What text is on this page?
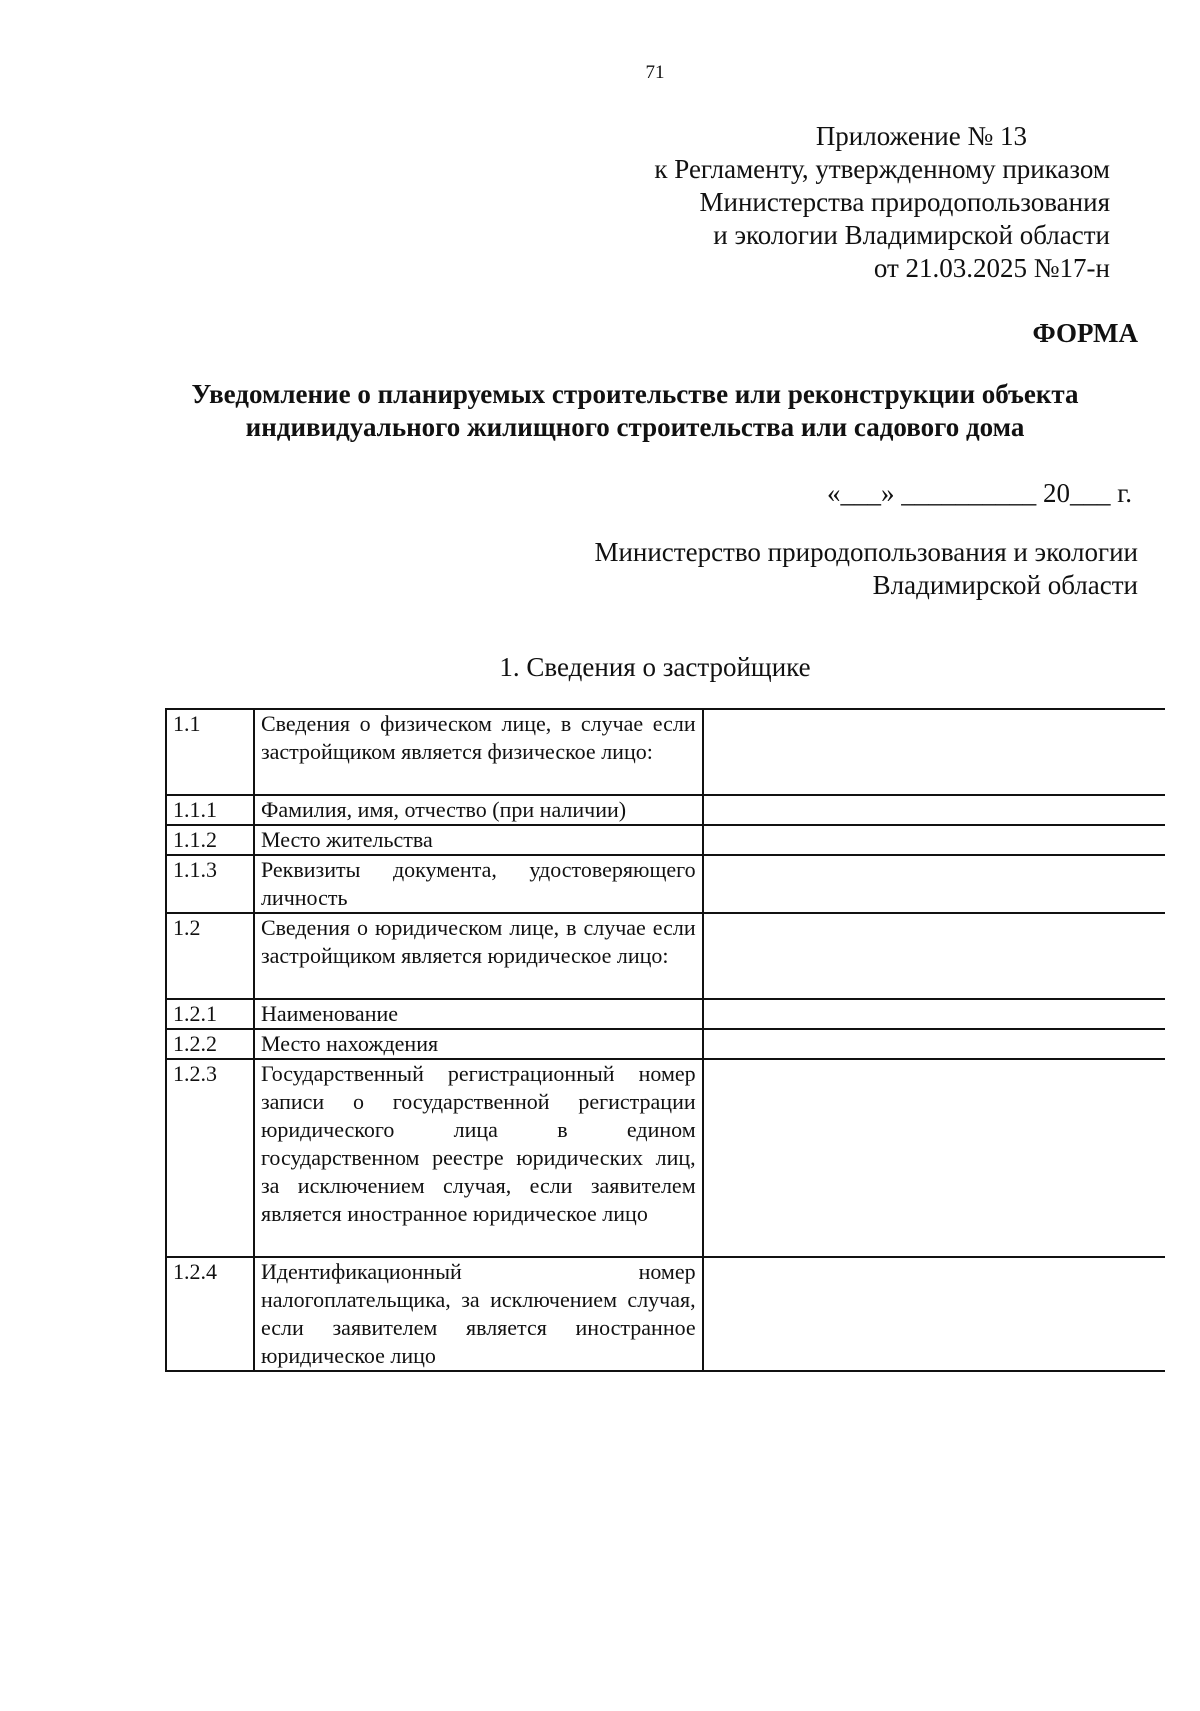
71
Приложение № 13
к Регламенту, утвержденному приказом
Министерства природопользования
и экологии Владимирской области
от 21.03.2025 №17-н
ФОРМА
Уведомление о планируемых строительстве или реконструкции объекта
индивидуального жилищного строительства или садового дома
«___» __________ 20___ г.
Министерство природопользования и экологии
Владимирской области
1. Сведения о застройщике
1.1	Сведения о физическом лице, в случае если застройщиком является физическое лицо:	
1.1.1	Фамилия, имя, отчество (при наличии)	
1.1.2	Место жительства	
1.1.3	Реквизиты документа, удостоверяющего личность	
1.2	Сведения о юридическом лице, в случае если застройщиком является юридическое лицо:	
1.2.1	Наименование	
1.2.2	Место нахождения	
1.2.3	Государственный регистрационный номер записи о государственной регистрации юридического лица в едином государственном реестре юридических лиц, за исключением случая, если заявителем является иностранное юридическое лицо	
1.2.4	Идентификационный номер налогоплательщика, за исключением случая, если заявителем является иностранное юридическое лицо	
